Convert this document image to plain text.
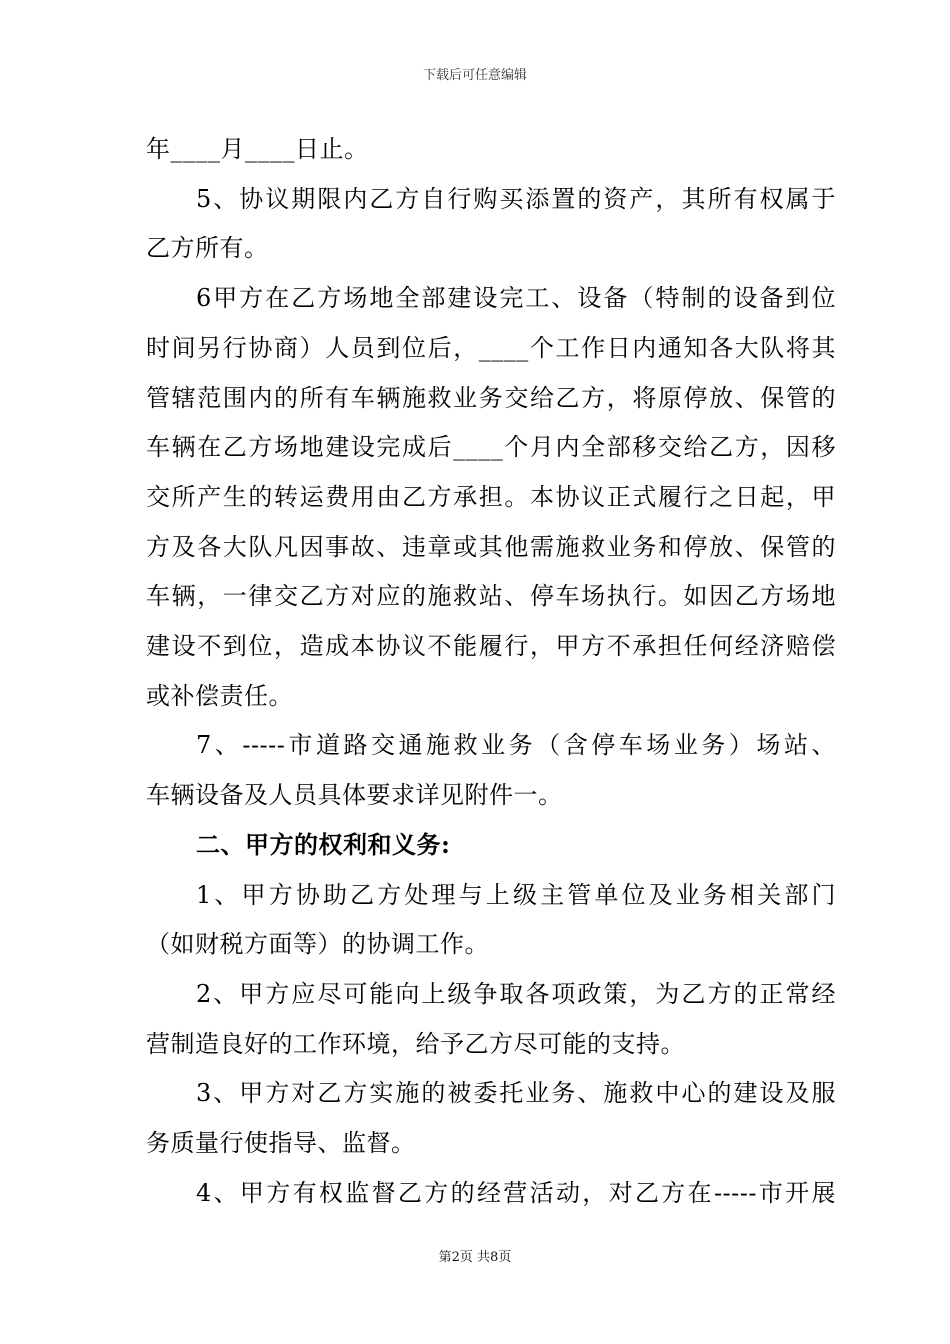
下载后可任意编辑
年____月____日止。
5、协议期限内乙方自行购买添置的资产，其所有权属于
乙方所有。
6甲方在乙方场地全部建设完工、设备（特制的设备到位
时间另行协商）人员到位后，____个工作日内通知各大队将其
管辖范围内的所有车辆施救业务交给乙方，将原停放、保管的
车辆在乙方场地建设完成后____个月内全部移交给乙方，因移
交所产生的转运费用由乙方承担。本协议正式履行之日起，甲
方及各大队凡因事故、违章或其他需施救业务和停放、保管的
车辆，一律交乙方对应的施救站、停车场执行。如因乙方场地
建设不到位，造成本协议不能履行，甲方不承担任何经济赔偿
或补偿责任。
7、-----市道路交通施救业务（含停车场业务）场站、
车辆设备及人员具体要求详见附件一。
二、甲方的权利和义务:
1、甲方协助乙方处理与上级主管单位及业务相关部门
（如财税方面等）的协调工作。
2、甲方应尽可能向上级争取各项政策，为乙方的正常经
营制造良好的工作环境，给予乙方尽可能的支持。
3、甲方对乙方实施的被委托业务、施救中心的建设及服
务质量行使指导、监督。
4、甲方有权监督乙方的经营活动，对乙方在-----市开展
第2页 共8页
